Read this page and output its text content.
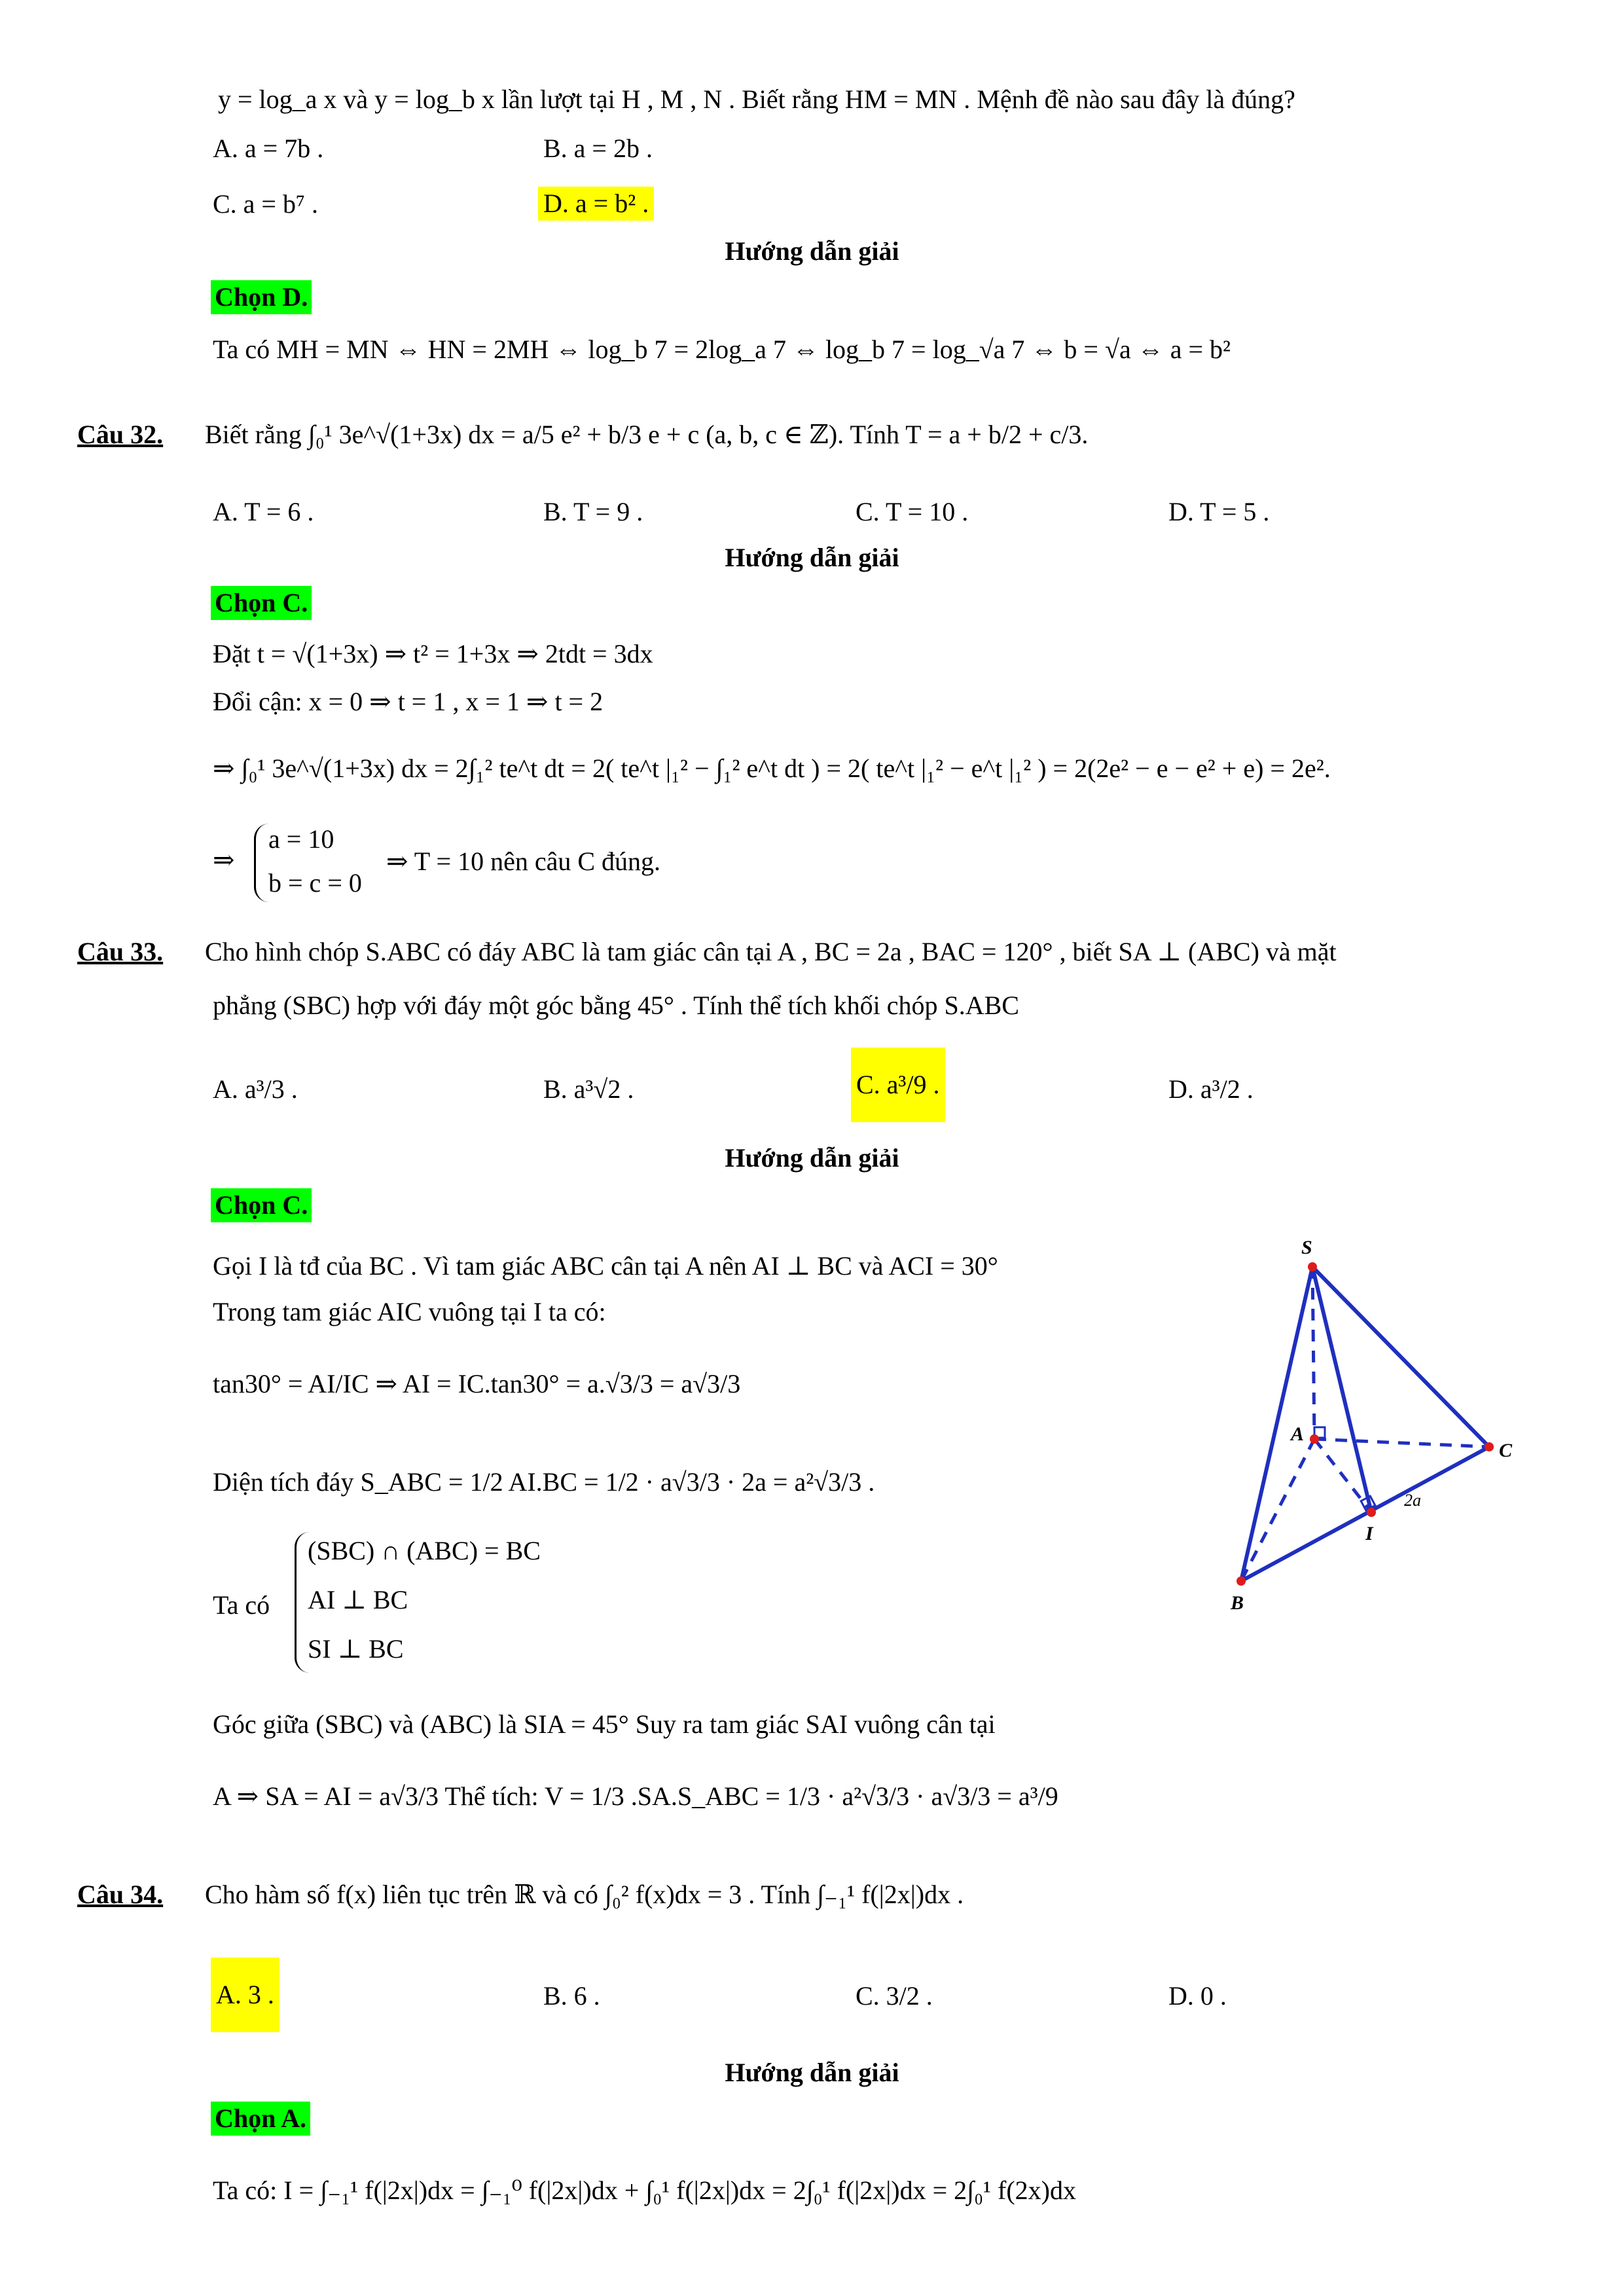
y = log_a x và y = log_b x lần lượt tại H , M , N . Biết rằng HM = MN . Mệnh đề nào sau đây là đúng?
A. a = 7b .	B. a = 2b .
C. a = b⁷ .	D. a = b² .
Hướng dẫn giải
Chọn D.
Ta có MH = MN ⇔ HN = 2MH ⇔ log_b 7 = 2log_a 7 ⇔ log_b 7 = log_√a 7 ⇔ b = √a ⇔ a = b²
Câu 32. Biết rằng ∫₀¹ 3e^√(1+3x) dx = a/5 e² + b/3 e + c (a, b, c ∈ ℤ). Tính T = a + b/2 + c/3.
A. T = 6 .	B. T = 9 .	C. T = 10 .	D. T = 5 .
Hướng dẫn giải
Chọn C.
Đặt t = √(1+3x) ⇒ t² = 1+3x ⇒ 2tdt = 3dx
Đổi cận: x = 0 ⇒ t = 1 , x = 1 ⇒ t = 2
⇒ ∫₀¹ 3e^√(1+3x) dx = 2∫₁² te^t dt = 2( te^t |₁² − ∫₁² e^t dt ) = 2( te^t |₁² − e^t |₁² ) = 2(2e² − e − e² + e) = 2e².
⇒
a = 10
b = c = 0
⇒ T = 10 nên câu C đúng.
Câu 33. Cho hình chóp S.ABC có đáy ABC là tam giác cân tại A , BC = 2a , BAC = 120° , biết SA ⊥ (ABC) và mặt
phẳng (SBC) hợp với đáy một góc bằng 45° . Tính thể tích khối chóp S.ABC
A. a³/3 .	B. a³√2 .	C. a³/9 .	D. a³/2 .
Hướng dẫn giải
Chọn C.
Gọi I là tđ của BC . Vì tam giác ABC cân tại A nên AI ⊥ BC và ACI = 30°
Trong tam giác AIC vuông tại I ta có:
tan30° = AI/IC ⇒ AI = IC.tan30° = a.√3/3 = a√3/3
Diện tích đáy S_ABC = 1/2 AI.BC = 1/2 · a√3/3 · 2a = a²√3/3 .
Ta có
(SBC) ∩ (ABC) = BC
AI ⊥ BC
SI ⊥ BC
Góc giữa (SBC) và (ABC) là SIA = 45° Suy ra tam giác SAI vuông cân tại
A ⇒ SA = AI = a√3/3 Thể tích: V = 1/3 .SA.S_ABC = 1/3 · a²√3/3 · a√3/3 = a³/9
S
A
B
C
I
2a
Câu 34. Cho hàm số f(x) liên tục trên ℝ và có ∫₀² f(x)dx = 3 . Tính ∫₋₁¹ f(|2x|)dx .
A. 3 .	B. 6 .	C. 3/2 .	D. 0 .
Hướng dẫn giải
Chọn A.
Ta có: I = ∫₋₁¹ f(|2x|)dx = ∫₋₁⁰ f(|2x|)dx + ∫₀¹ f(|2x|)dx = 2∫₀¹ f(|2x|)dx = 2∫₀¹ f(2x)dx
